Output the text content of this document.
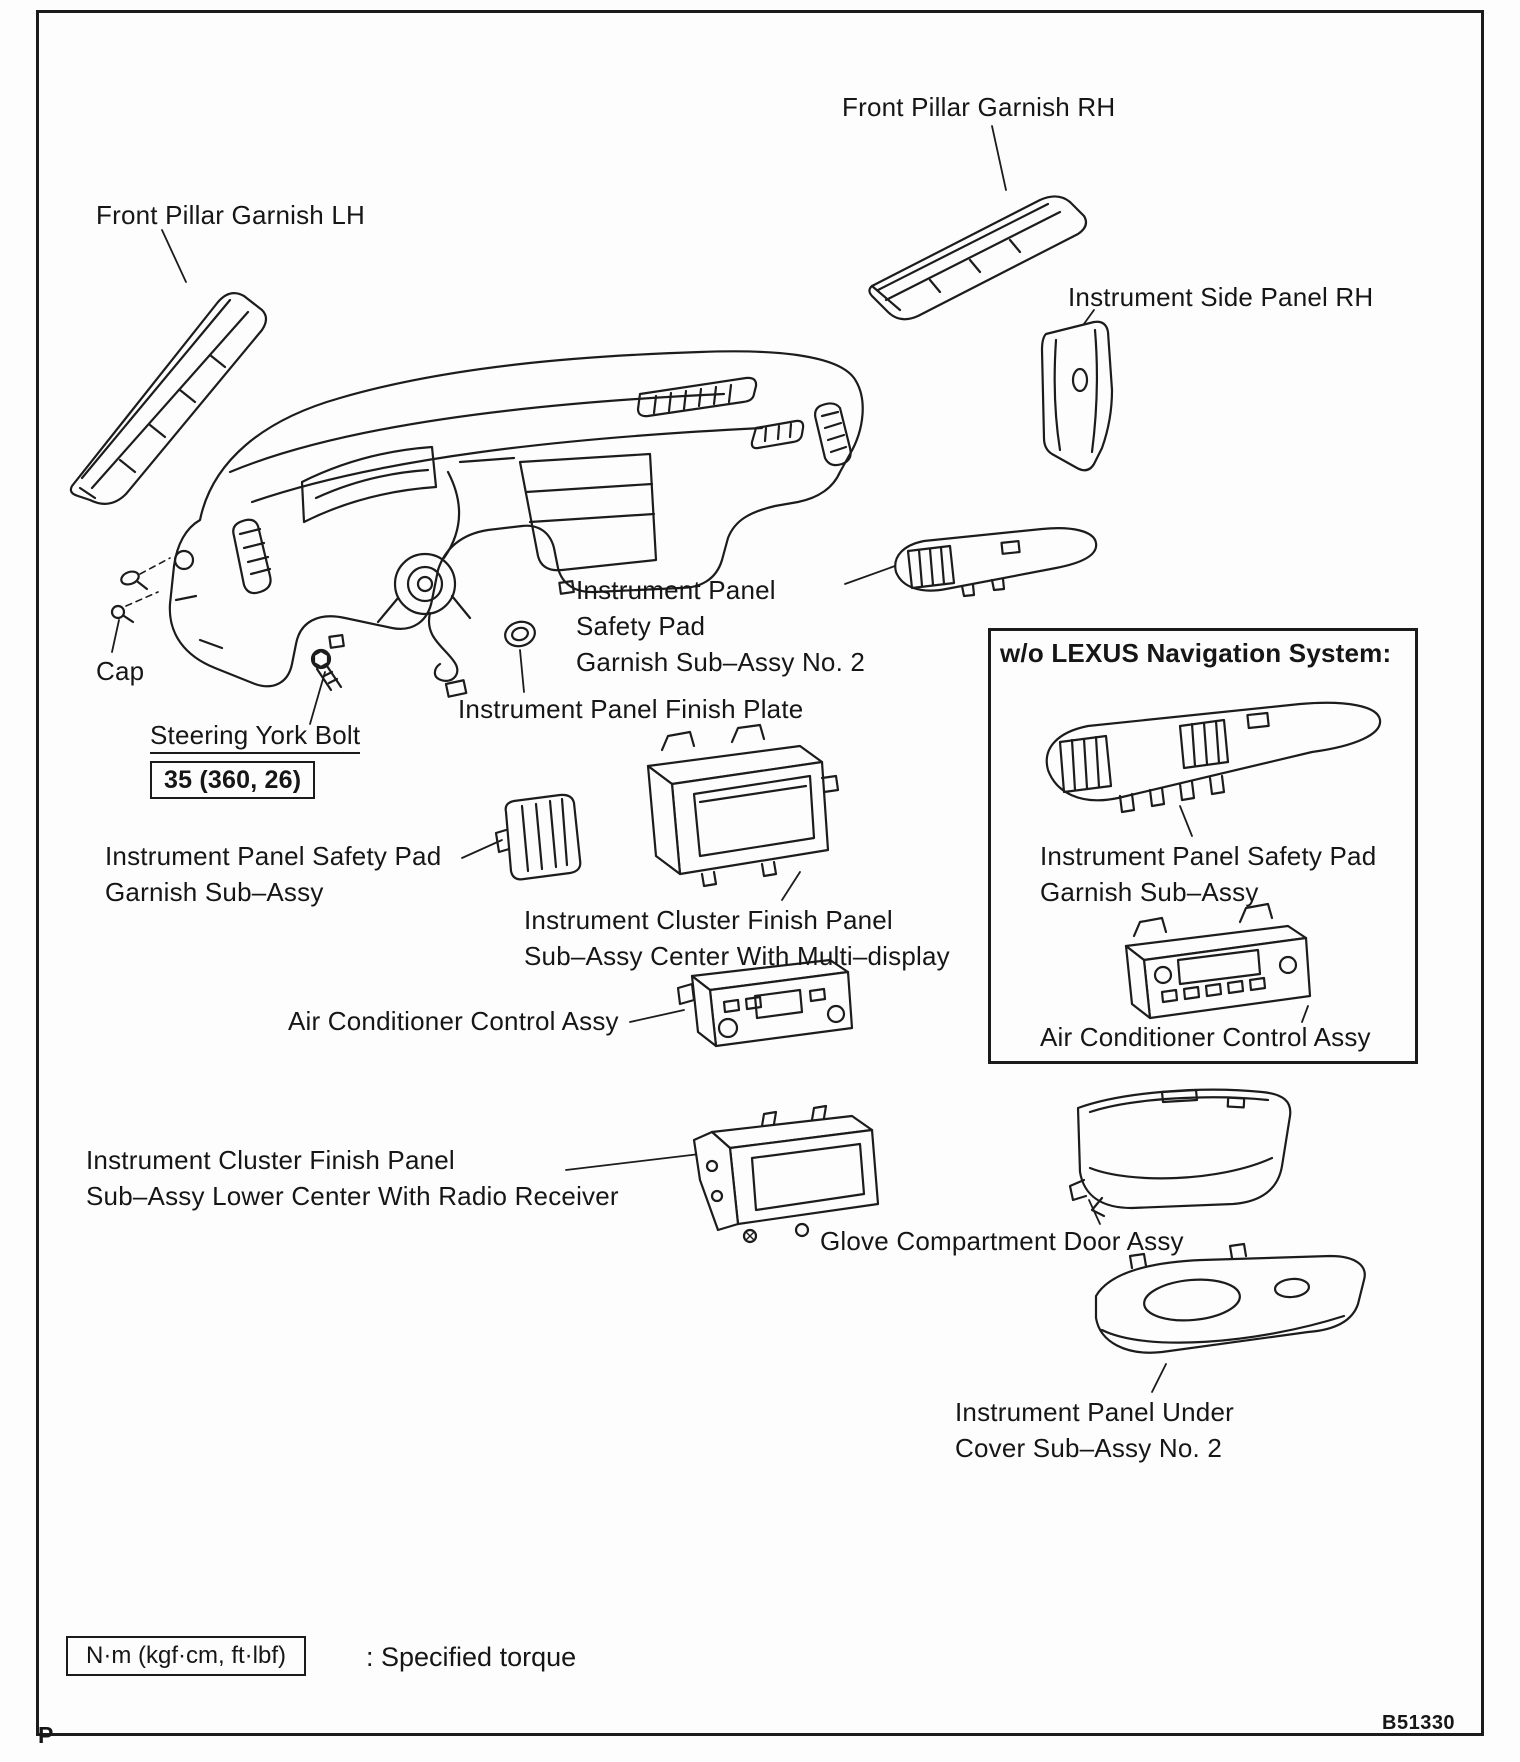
w/o LEXUS Navigation System:
Front Pillar Garnish RH
Front Pillar Garnish LH
Instrument Side Panel RH
Instrument Panel
Safety Pad
Garnish Sub–Assy No. 2
Cap
Instrument Panel Finish Plate
Steering York Bolt
35 (360, 26)
Instrument Panel Safety Pad
Garnish Sub–Assy
Instrument Cluster Finish Panel
Sub–Assy Center With Multi–display
Air Conditioner Control Assy
Instrument Panel Safety Pad
Garnish Sub–Assy
Air Conditioner Control Assy
Instrument Cluster Finish Panel
Sub–Assy Lower Center With Radio Receiver
Glove Compartment Door Assy
Instrument Panel Under
Cover Sub–Assy No. 2
N·m (kgf·cm, ft·lbf)	: Specified torque
P	B51330
